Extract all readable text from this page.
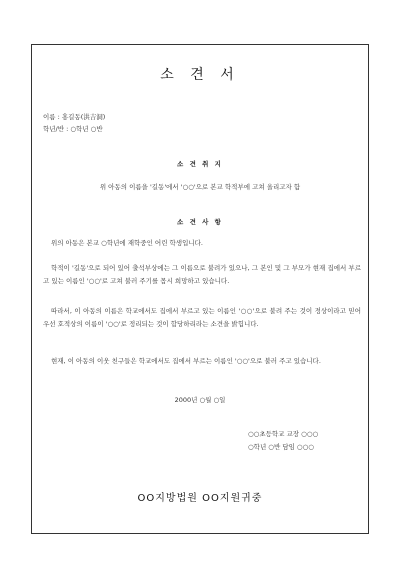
소 견 서
이름 : 홍길동(洪吉洞)
학년/반 : ○학년 ○반
소 견 취 지
위 아동의 이름을 '길동'에서 '○○'으로 본교 학적부에 고쳐 올리고자 함
소 견 사 항
위의 아동은 본교 ○학년에 재학중인 어린 학생입니다.
학적이 '길동'으로 되어 있어 출석부상에는 그 이름으로 불려가 있으나, 그 본인 및 그 부모가 현재 집에서 부르고 있는 이름인 '○○'로 고쳐 불러 주기를 몹시 희망하고 있습니다.
따라서, 이 아동의 이름은 학교에서도 집에서 부르고 있는 이름인 '○○'으로 불려 주는 것이 정상이라고 믿어 우선 호적상의 이름이 '○○'로 정리되는 것이 합당하리라는 소견을 밝힙니다.
현재, 이 아동의 이웃 친구들은 학교에서도 집에서 부르는 이름인 '○○'으로 불러 주고 있습니다.
2000년 ○월 ○일
○○초등학교 교장 ○○○
○학년 ○반 담임 ○○○
OO지방법원 OO지원귀중
